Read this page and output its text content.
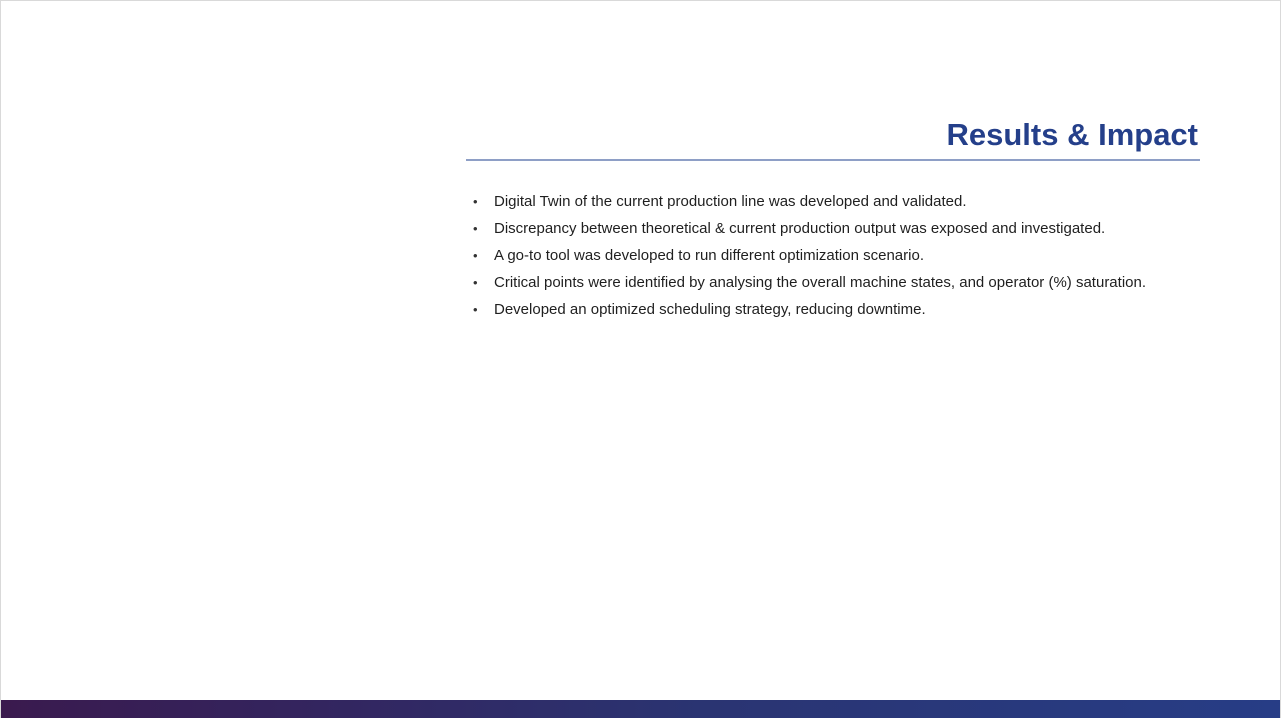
Results & Impact
•	Digital Twin of the current production line was developed and validated.
•	Discrepancy between theoretical & current production output was exposed and investigated.
•	A go-to tool was developed to run different optimization scenario.
•	Critical points were identified by analysing the overall machine states, and operator (%) saturation.
•	Developed an optimized scheduling strategy, reducing downtime.
